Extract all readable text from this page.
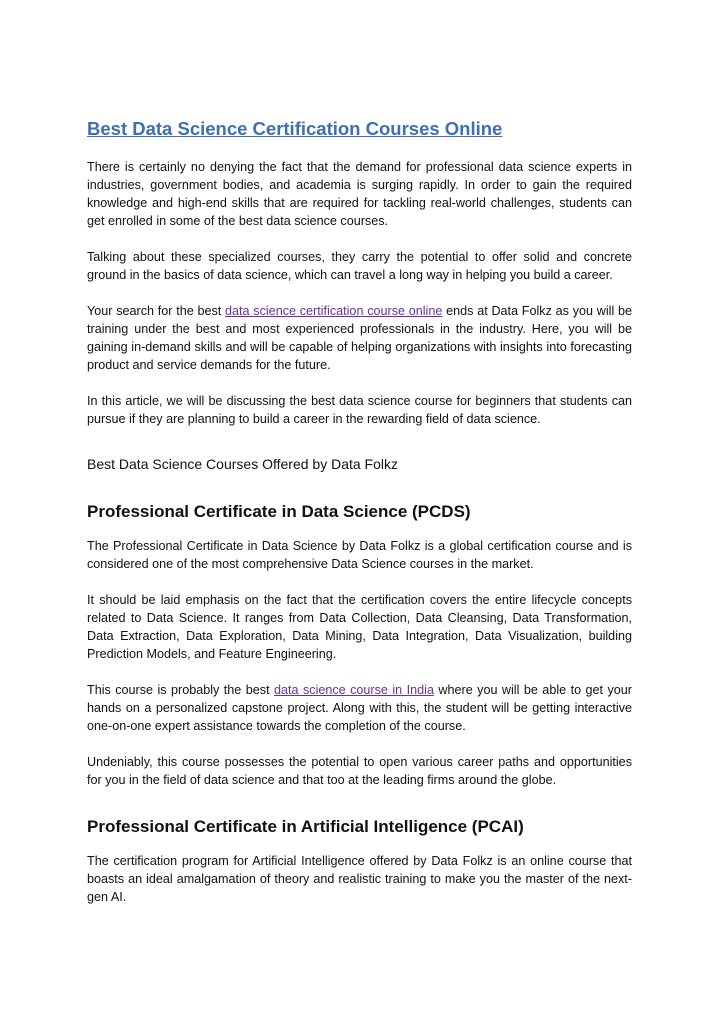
Best Data Science Certification Courses Online

There is certainly no denying the fact that the demand for professional data science experts in industries, government bodies, and academia is surging rapidly. In order to gain the required knowledge and high-end skills that are required for tackling real-world challenges, students can get enrolled in some of the best data science courses.

Talking about these specialized courses, they carry the potential to offer solid and concrete ground in the basics of data science, which can travel a long way in helping you build a career.

Your search for the best data science certification course online ends at Data Folkz as you will be training under the best and most experienced professionals in the industry. Here, you will be gaining in-demand skills and will be capable of helping organizations with insights into forecasting product and service demands for the future.

In this article, we will be discussing the best data science course for beginners that students can pursue if they are planning to build a career in the rewarding field of data science.

Best Data Science Courses Offered by Data Folkz
Professional Certificate in Data Science (PCDS)

The Professional Certificate in Data Science by Data Folkz is a global certification course and is considered one of the most comprehensive Data Science courses in the market.

It should be laid emphasis on the fact that the certification covers the entire lifecycle concepts related to Data Science. It ranges from Data Collection, Data Cleansing, Data Transformation, Data Extraction, Data Exploration, Data Mining, Data Integration, Data Visualization, building Prediction Models, and Feature Engineering.

This course is probably the best data science course in India where you will be able to get your hands on a personalized capstone project. Along with this, the student will be getting interactive one-on-one expert assistance towards the completion of the course.

Undeniably, this course possesses the potential to open various career paths and opportunities for you in the field of data science and that too at the leading firms around the globe.

Professional Certificate in Artificial Intelligence (PCAI)

The certification program for Artificial Intelligence offered by Data Folkz is an online course that boasts an ideal amalgamation of theory and realistic training to make you the master of the next-gen AI.
